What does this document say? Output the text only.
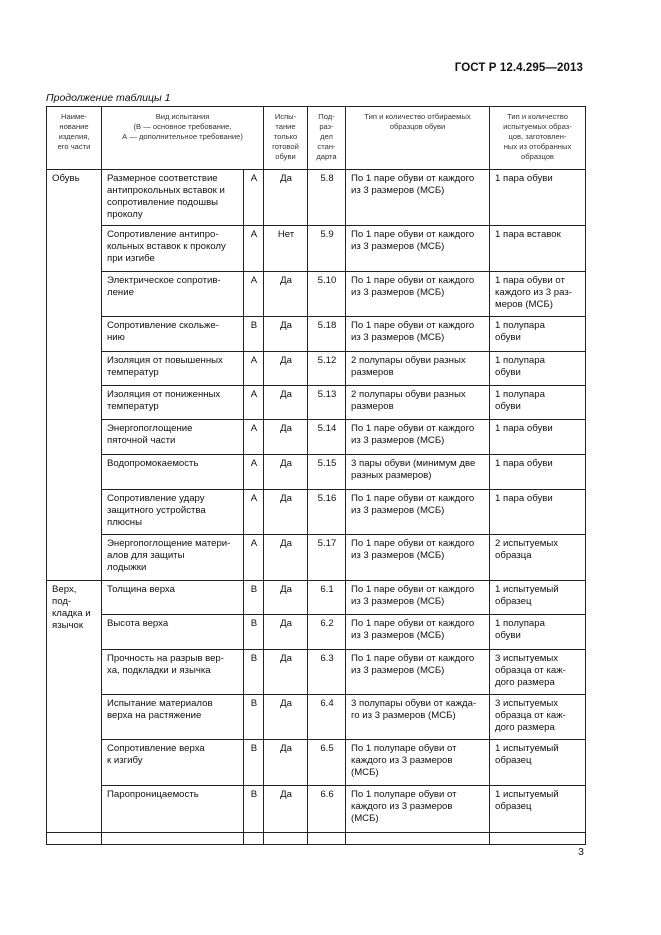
ГОСТ Р 12.4.295—2013
Продолжение таблицы 1
Наиме-
нование
изделия,
его части	Вид испытания
(В — основное требование,
А — дополнительное требование)		Испы-
тание
только
готовой
обуви	Под-
раз-
дел
стан-
дарта	Тип и количество отбираемых
образцов обуви	Тип и количество
испытуемых образ-
цов, заготовлен-
ных из отобранных
образцов
Обувь	Размерное соответствие
антипрокольных вставок и
сопротивление подошвы
проколу	А	Да	5.8	По 1 паре обуви от каждого
из 3 размеров (МСБ)	1 пара обуви
	Сопротивление антипро-
кольных вставок к проколу
при изгибе	А	Нет	5.9	По 1 паре обуви от каждого
из 3 размеров (МСБ)	1 пара вставок
	Электрическое сопротив-
ление	А	Да	5.10	По 1 паре обуви от каждого
из 3 размеров (МСБ)	1 пара обуви от
каждого из 3 раз-
меров (МСБ)
	Сопротивление скольже-
нию	В	Да	5.18	По 1 паре обуви от каждого
из 3 размеров (МСБ)	1 полупара
обуви
	Изоляция от повышенных
температур	А	Да	5.12	2 полупары обуви разных
размеров	1 полупара
обуви
	Изоляция от пониженных
температур	А	Да	5.13	2 полупары обуви разных
размеров	1 полупара
обуви
	Энергопоглощение
пяточной части	А	Да	5.14	По 1 паре обуви от каждого
из 3 размеров (МСБ)	1 пара обуви
	Водопромокаемость	А	Да	5.15	3 пары обуви (минимум две
разных размеров)	1 пара обуви
	Сопротивление удару
защитного устройства
плюсны	А	Да	5.16	По 1 паре обуви от каждого
из 3 размеров (МСБ)	1 пара обуви
	Энергопоглощение матери-
алов для защиты
лодыжки	А	Да	5.17	По 1 паре обуви от каждого
из 3 размеров (МСБ)	2 испытуемых
образца
Верх,
под-
кладка и
язычок	Толщина верха	В	Да	6.1	По 1 паре обуви от каждого
из 3 размеров (МСБ)	1 испытуемый
образец
	Высота верха	В	Да	6.2	По 1 паре обуви от каждого
из 3 размеров (МСБ)	1 полупара
обуви
	Прочность на разрыв вер-
ха, подкладки и язычка	В	Да	6.3	По 1 паре обуви от каждого
из 3 размеров (МСБ)	3 испытуемых
образца от каж-
дого размера
	Испытание материалов
верха на растяжение	В	Да	6.4	3 полупары обуви от кажда-
го из 3 размеров (МСБ)	3 испытуемых
образца от каж-
дого размера
	Сопротивление верха
к изгибу	В	Да	6.5	По 1 полупаре обуви от
каждого из 3 размеров
(МСБ)	1 испытуемый
образец
	Паропроницаемость	В	Да	6.6	По 1 полупаре обуви от
каждого из 3 размеров
(МСБ)	1 испытуемый
образец

3
